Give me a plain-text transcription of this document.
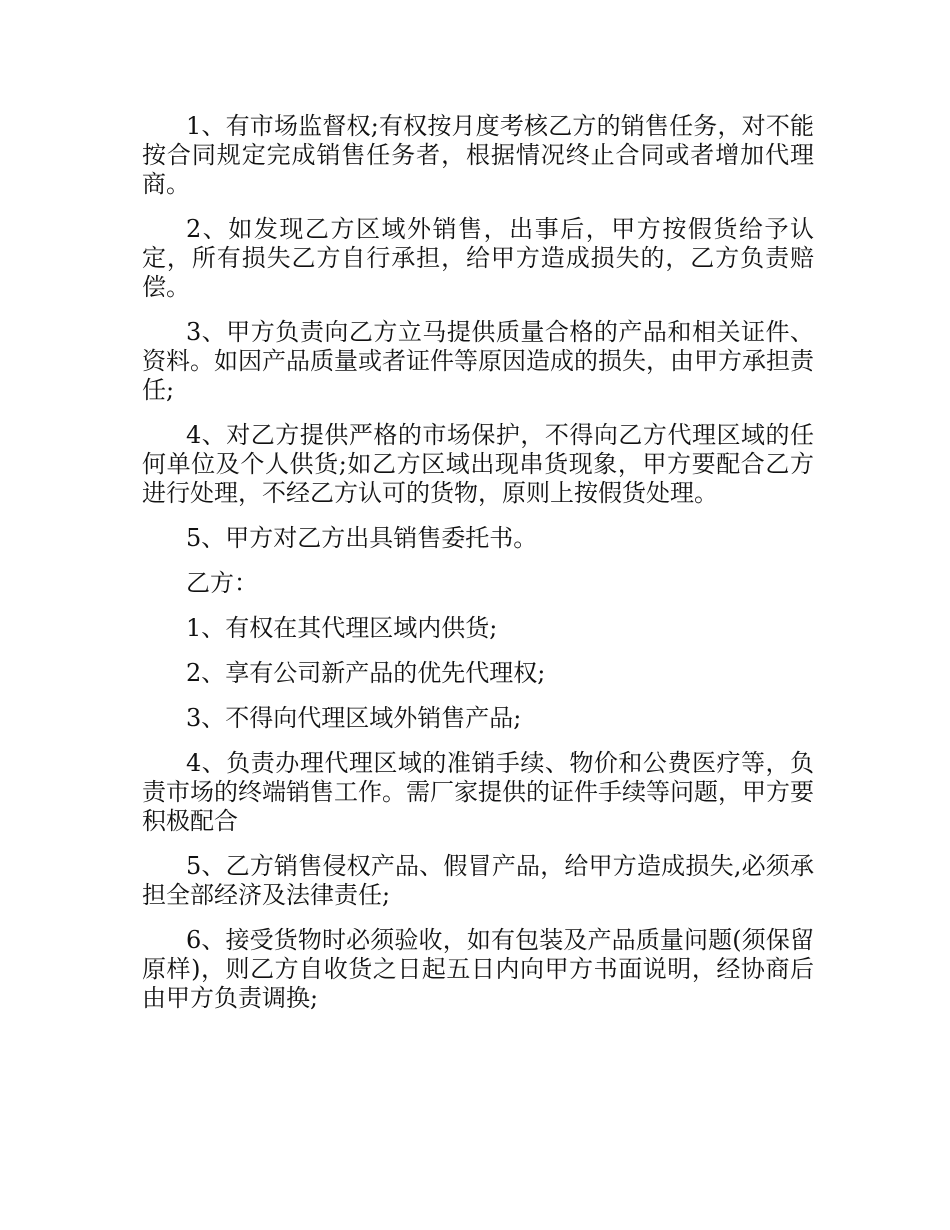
1、有市场监督权;有权按月度考核乙方的销售任务，对不能按合同规定完成销售任务者，根据情况终止合同或者增加代理商。

2、如发现乙方区域外销售，出事后，甲方按假货给予认定，所有损失乙方自行承担，给甲方造成损失的，乙方负责赔偿。

3、甲方负责向乙方立马提供质量合格的产品和相关证件、资料。如因产品质量或者证件等原因造成的损失，由甲方承担责任;

4、对乙方提供严格的市场保护，不得向乙方代理区域的任何单位及个人供货;如乙方区域出现串货现象，甲方要配合乙方进行处理，不经乙方认可的货物，原则上按假货处理。

5、甲方对乙方出具销售委托书。

乙方：

1、有权在其代理区域内供货;

2、享有公司新产品的优先代理权;

3、不得向代理区域外销售产品;

4、负责办理代理区域的准销手续、物价和公费医疗等，负责市场的终端销售工作。需厂家提供的证件手续等问题，甲方要积极配合

5、乙方销售侵权产品、假冒产品，给甲方造成损失,必须承担全部经济及法律责任;

6、接受货物时必须验收，如有包装及产品质量问题(须保留原样)，则乙方自收货之日起五日内向甲方书面说明，经协商后由甲方负责调换;
